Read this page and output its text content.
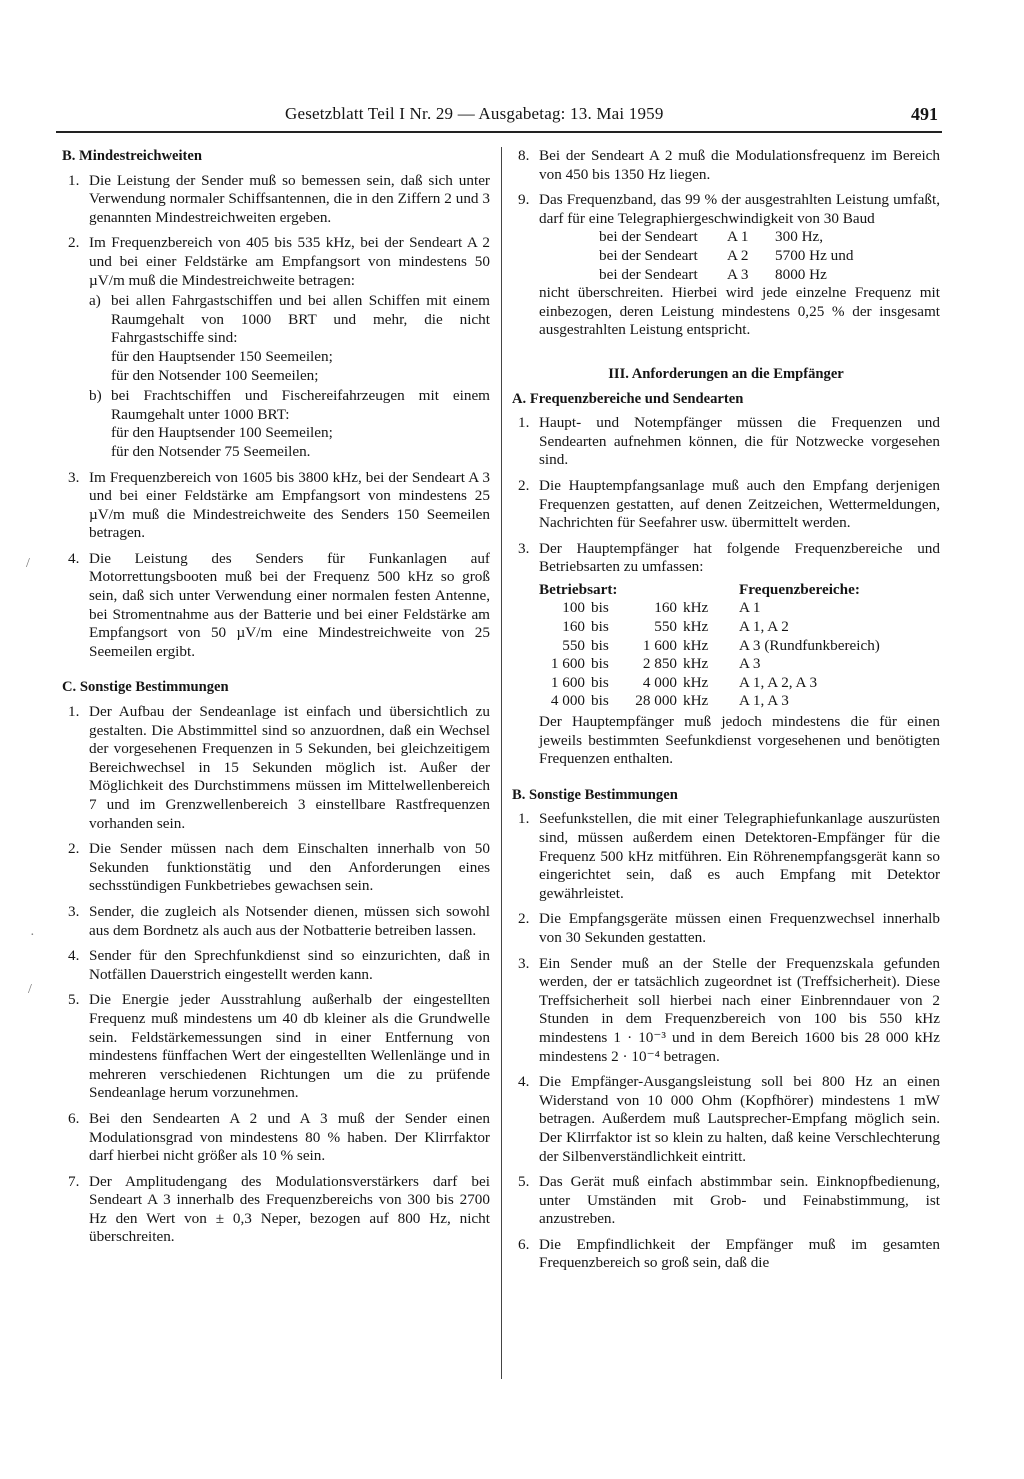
Gesetzblatt Teil I Nr. 29 — Ausgabetag: 13. Mai 1959	491
B. Mindestreichweiten
1. Die Leistung der Sender muß so bemessen sein, daß sich unter Verwendung normaler Schiffsantennen, die in den Ziffern 2 und 3 genannten Mindestreichweiten ergeben.
2. Im Frequenzbereich von 405 bis 535 kHz, bei der Sendeart A 2 und bei einer Feldstärke am Empfangsort von mindestens 50 µV/m muß die Mindestreichweite betragen:
a) bei allen Fahrgastschiffen und bei allen Schiffen mit einem Raumgehalt von 1000 BRT und mehr, die nicht Fahrgastschiffe sind:
für den Hauptsender 150 Seemeilen;
für den Notsender 100 Seemeilen;
b) bei Frachtschiffen und Fischereifahrzeugen mit einem Raumgehalt unter 1000 BRT:
für den Hauptsender 100 Seemeilen;
für den Notsender 75 Seemeilen.
3. Im Frequenzbereich von 1605 bis 3800 kHz, bei der Sendeart A 3 und bei einer Feldstärke am Empfangsort von mindestens 25 µV/m muß die Mindestreichweite des Senders 150 Seemeilen betragen.
4. Die Leistung des Senders für Funkanlagen auf Motorrettungsbooten muß bei der Frequenz 500 kHz so groß sein, daß sich unter Verwendung einer normalen festen Antenne, bei Stromentnahme aus der Batterie und bei einer Feldstärke am Empfangsort von 50 µV/m eine Mindestreichweite von 25 Seemeilen ergibt.
C. Sonstige Bestimmungen
1. Der Aufbau der Sendeanlage ist einfach und übersichtlich zu gestalten. Die Abstimmittel sind so anzuordnen, daß ein Wechsel der vorgesehenen Frequenzen in 5 Sekunden, bei gleichzeitigem Bereichwechsel in 15 Sekunden möglich ist. Außer der Möglichkeit des Durchstimmens müssen im Mittelwellenbereich 7 und im Grenzwellenbereich 3 einstellbare Rastfrequenzen vorhanden sein.
2. Die Sender müssen nach dem Einschalten innerhalb von 50 Sekunden funktionstätig und den Anforderungen eines sechsstündigen Funkbetriebes gewachsen sein.
3. Sender, die zugleich als Notsender dienen, müssen sich sowohl aus dem Bordnetz als auch aus der Notbatterie betreiben lassen.
4. Sender für den Sprechfunkdienst sind so einzurichten, daß in Notfällen Dauerstrich eingestellt werden kann.
5. Die Energie jeder Ausstrahlung außerhalb der eingestellten Frequenz muß mindestens um 40 db kleiner als die Grundwelle sein. Feldstärkemessungen sind in einer Entfernung von mindestens fünffachen Wert der eingestellten Wellenlänge und in mehreren verschiedenen Richtungen um die zu prüfende Sendeanlage herum vorzunehmen.
6. Bei den Sendearten A 2 und A 3 muß der Sender einen Modulationsgrad von mindestens 80 % haben. Der Klirrfaktor darf hierbei nicht größer als 10 % sein.
7. Der Amplitudengang des Modulationsverstärkers darf bei Sendeart A 3 innerhalb des Frequenzbereichs von 300 bis 2700 Hz den Wert von ± 0,3 Neper, bezogen auf 800 Hz, nicht überschreiten.
8. Bei der Sendeart A 2 muß die Modulationsfrequenz im Bereich von 450 bis 1350 Hz liegen.
9. Das Frequenzband, das 99 % der ausgestrahlten Leistung umfaßt, darf für eine Telegraphiergeschwindigkeit von 30 Baud
bei der Sendeart	A 1	300 Hz,
bei der Sendeart	A 2	5700 Hz und
bei der Sendeart	A 3	8000 Hz
nicht überschreiten. Hierbei wird jede einzelne Frequenz mit einbezogen, deren Leistung mindestens 0,25 % der insgesamt ausgestrahlten Leistung entspricht.
III. Anforderungen an die Empfänger
A. Frequenzbereiche und Sendearten
1. Haupt- und Notempfänger müssen die Frequenzen und Sendearten aufnehmen können, die für Notzwecke vorgesehen sind.
2. Die Hauptempfangsanlage muß auch den Empfang derjenigen Frequenzen gestatten, auf denen Zeitzeichen, Wettermeldungen, Nachrichten für Seefahrer usw. übermittelt werden.
3. Der Hauptempfänger hat folgende Frequenzbereiche und Betriebsarten zu umfassen:
Betriebsart:	Frequenzbereiche:
100 bis	160 kHz	A 1
160 bis	550 kHz	A 1, A 2
550 bis	1 600 kHz	A 3 (Rundfunkbereich)
1 600 bis	2 850 kHz	A 3
1 600 bis	4 000 kHz	A 1, A 2, A 3
4 000 bis	28 000 kHz	A 1, A 3
Der Hauptempfänger muß jedoch mindestens die für einen jeweils bestimmten Seefunkdienst vorgesehenen und benötigten Frequenzen enthalten.
B. Sonstige Bestimmungen
1. Seefunkstellen, die mit einer Telegraphiefunkanlage auszurüsten sind, müssen außerdem einen Detektoren-Empfänger für die Frequenz 500 kHz mitführen. Ein Röhrenempfangsgerät kann so eingerichtet sein, daß es auch Empfang mit Detektor gewährleistet.
2. Die Empfangsgeräte müssen einen Frequenzwechsel innerhalb von 30 Sekunden gestatten.
3. Ein Sender muß an der Stelle der Frequenzskala gefunden werden, der er tatsächlich zugeordnet ist (Treffsicherheit). Diese Treffsicherheit soll hierbei nach einer Einbrenndauer von 2 Stunden in dem Frequenzbereich von 100 bis 550 kHz mindestens 1 · 10⁻³ und in dem Bereich 1600 bis 28 000 kHz mindestens 2 · 10⁻⁴ betragen.
4. Die Empfänger-Ausgangsleistung soll bei 800 Hz an einen Widerstand von 10 000 Ohm (Kopfhörer) mindestens 1 mW betragen. Außerdem muß Lautsprecher-Empfang möglich sein. Der Klirrfaktor ist so klein zu halten, daß keine Verschlechterung der Silbenverständlichkeit eintritt.
5. Das Gerät muß einfach abstimmbar sein. Einknopfbedienung, unter Umständen mit Grob- und Feinabstimmung, ist anzustreben.
6. Die Empfindlichkeit der Empfänger muß im gesamten Frequenzbereich so groß sein, daß die
/
·
/
